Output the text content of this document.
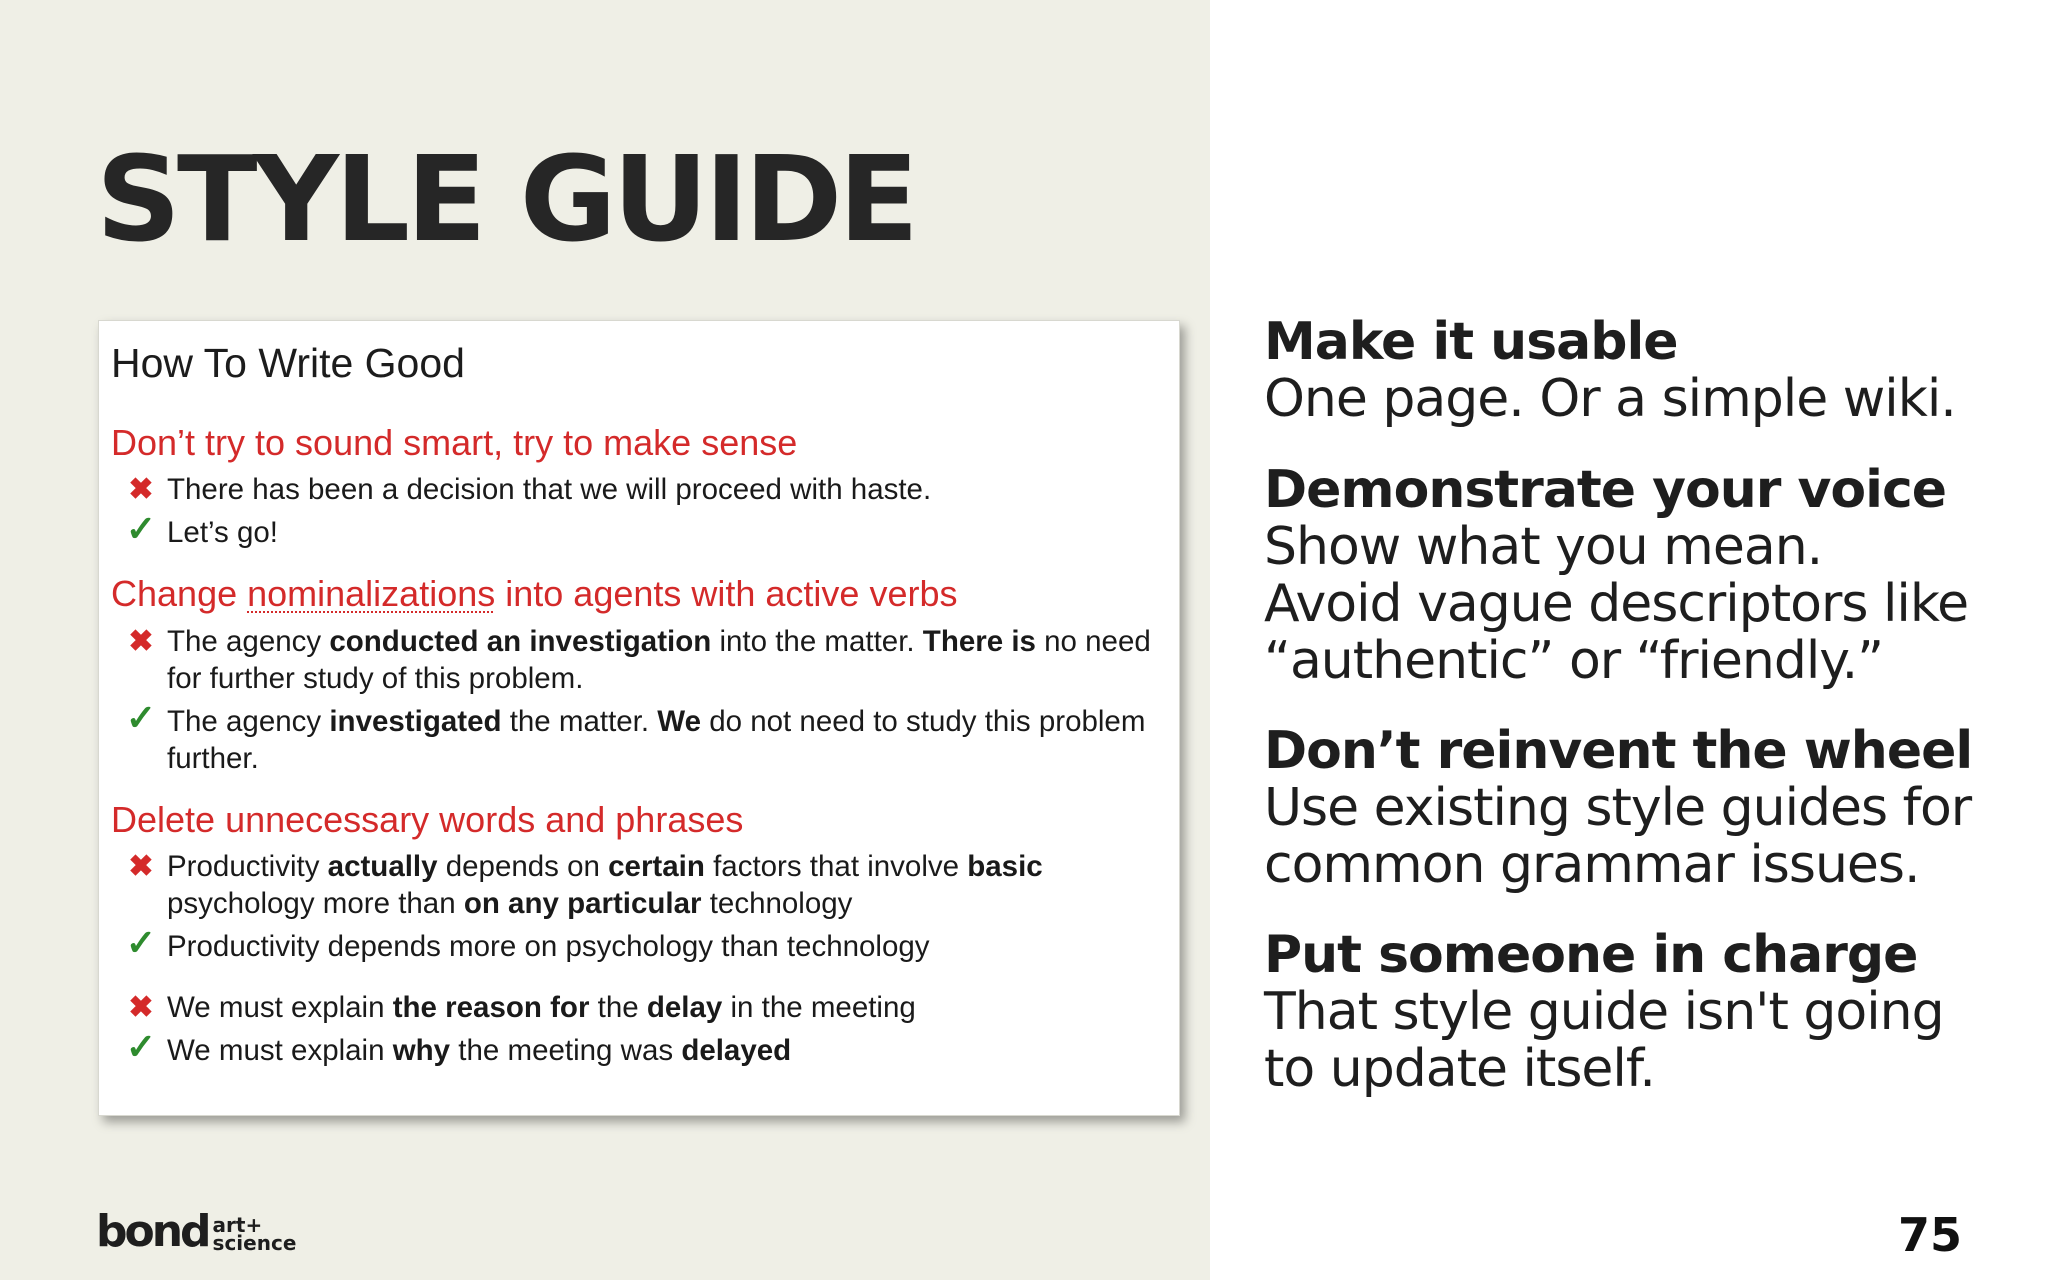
STYLE GUIDE
How To Write Good
Don’t try to sound smart, try to make sense
✖ There has been a decision that we will proceed with haste.
✓ Let’s go!
Change nominalizations into agents with active verbs
✖ The agency conducted an investigation into the matter. There is no need for further study of this problem.
✓ The agency investigated the matter. We do not need to study this problem further.
Delete unnecessary words and phrases
✖ Productivity actually depends on certain factors that involve basic psychology more than on any particular technology
✓ Productivity depends more on psychology than technology
✖ We must explain the reason for the delay in the meeting
✓ We must explain why the meeting was delayed
Make it usable
One page. Or a simple wiki.
Demonstrate your voice
Show what you mean.
Avoid vague descriptors like
“authentic” or “friendly.”
Don’t reinvent the wheel
Use existing style guides for
common grammar issues.
Put someone in charge
That style guide isn't going
to update itself.
bond art+
science	75
